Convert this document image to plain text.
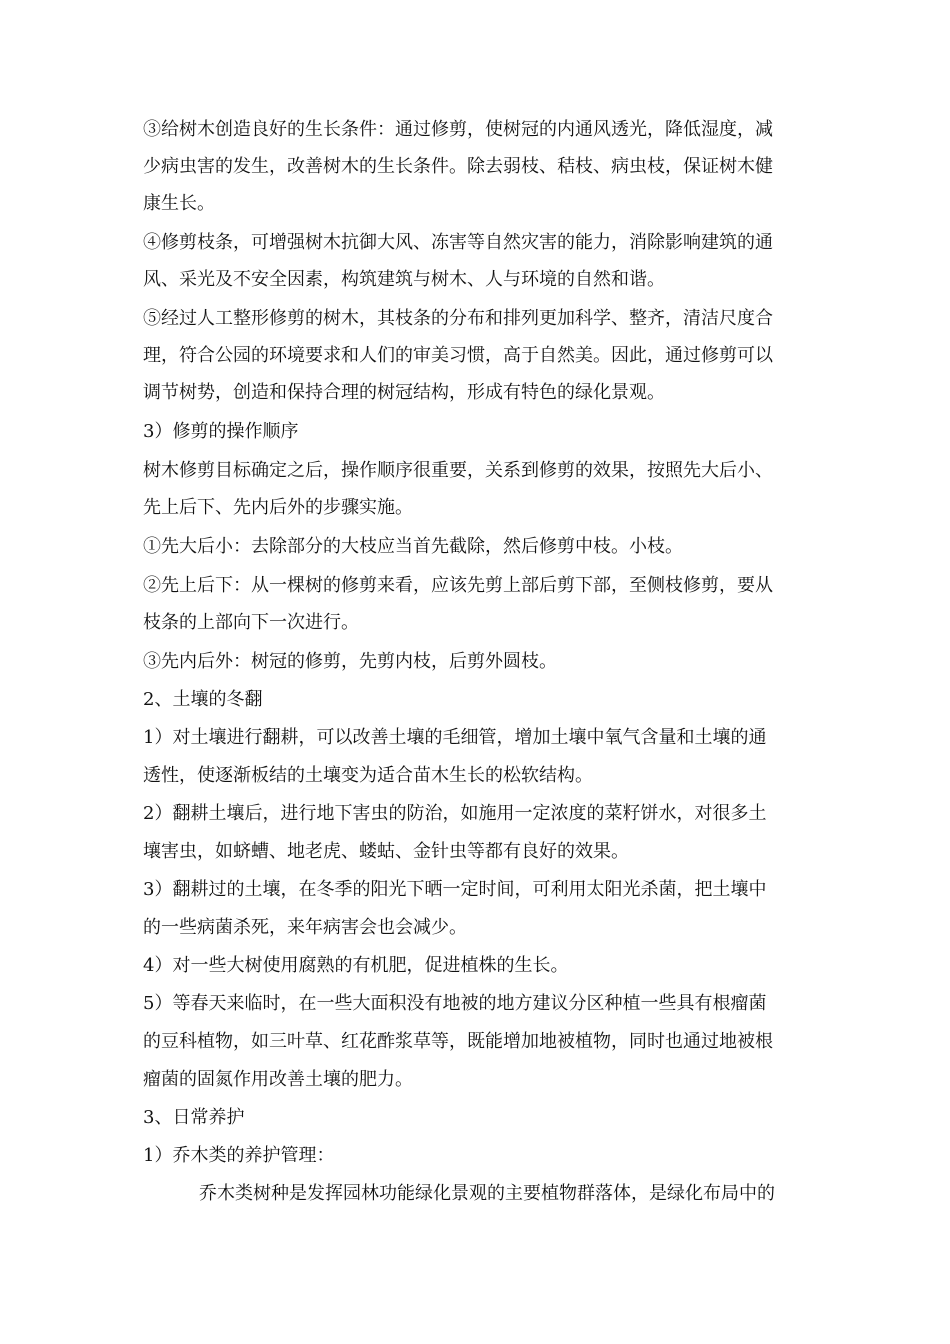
③给树木创造良好的生长条件：通过修剪，使树冠的内通风透光，降低湿度，减
少病虫害的发生，改善树木的生长条件。除去弱枝、秸枝、病虫枝，保证树木健
康生长。
④修剪枝条，可增强树木抗御大风、冻害等自然灾害的能力，消除影响建筑的通
风、采光及不安全因素，构筑建筑与树木、人与环境的自然和谐。
⑤经过人工整形修剪的树木，其枝条的分布和排列更加科学、整齐，清洁尺度合
理，符合公园的环境要求和人们的审美习惯，高于自然美。因此，通过修剪可以
调节树势，创造和保持合理的树冠结构，形成有特色的绿化景观。
3）修剪的操作顺序
树木修剪目标确定之后，操作顺序很重要，关系到修剪的效果，按照先大后小、
先上后下、先内后外的步骤实施。
①先大后小：去除部分的大枝应当首先截除，然后修剪中枝。小枝。
②先上后下：从一棵树的修剪来看，应该先剪上部后剪下部，至侧枝修剪，要从
枝条的上部向下一次进行。
③先内后外：树冠的修剪，先剪内枝，后剪外圆枝。
2、土壤的冬翻
1）对土壤进行翻耕，可以改善土壤的毛细管，增加土壤中氧气含量和土壤的通
透性，使逐渐板结的土壤变为适合苗木生长的松软结构。
2）翻耕土壤后，进行地下害虫的防治，如施用一定浓度的菜籽饼水，对很多土
壤害虫，如蛴螬、地老虎、蝼蛄、金针虫等都有良好的效果。
3）翻耕过的土壤，在冬季的阳光下晒一定时间，可利用太阳光杀菌，把土壤中
的一些病菌杀死，来年病害会也会减少。
4）对一些大树使用腐熟的有机肥，促进植株的生长。
5）等春天来临时，在一些大面积没有地被的地方建议分区种植一些具有根瘤菌
的豆科植物，如三叶草、红花酢浆草等，既能增加地被植物，同时也通过地被根
瘤菌的固氮作用改善土壤的肥力。
3、日常养护
1）乔木类的养护管理：
乔木类树种是发挥园林功能绿化景观的主要植物群落体，是绿化布局中的
